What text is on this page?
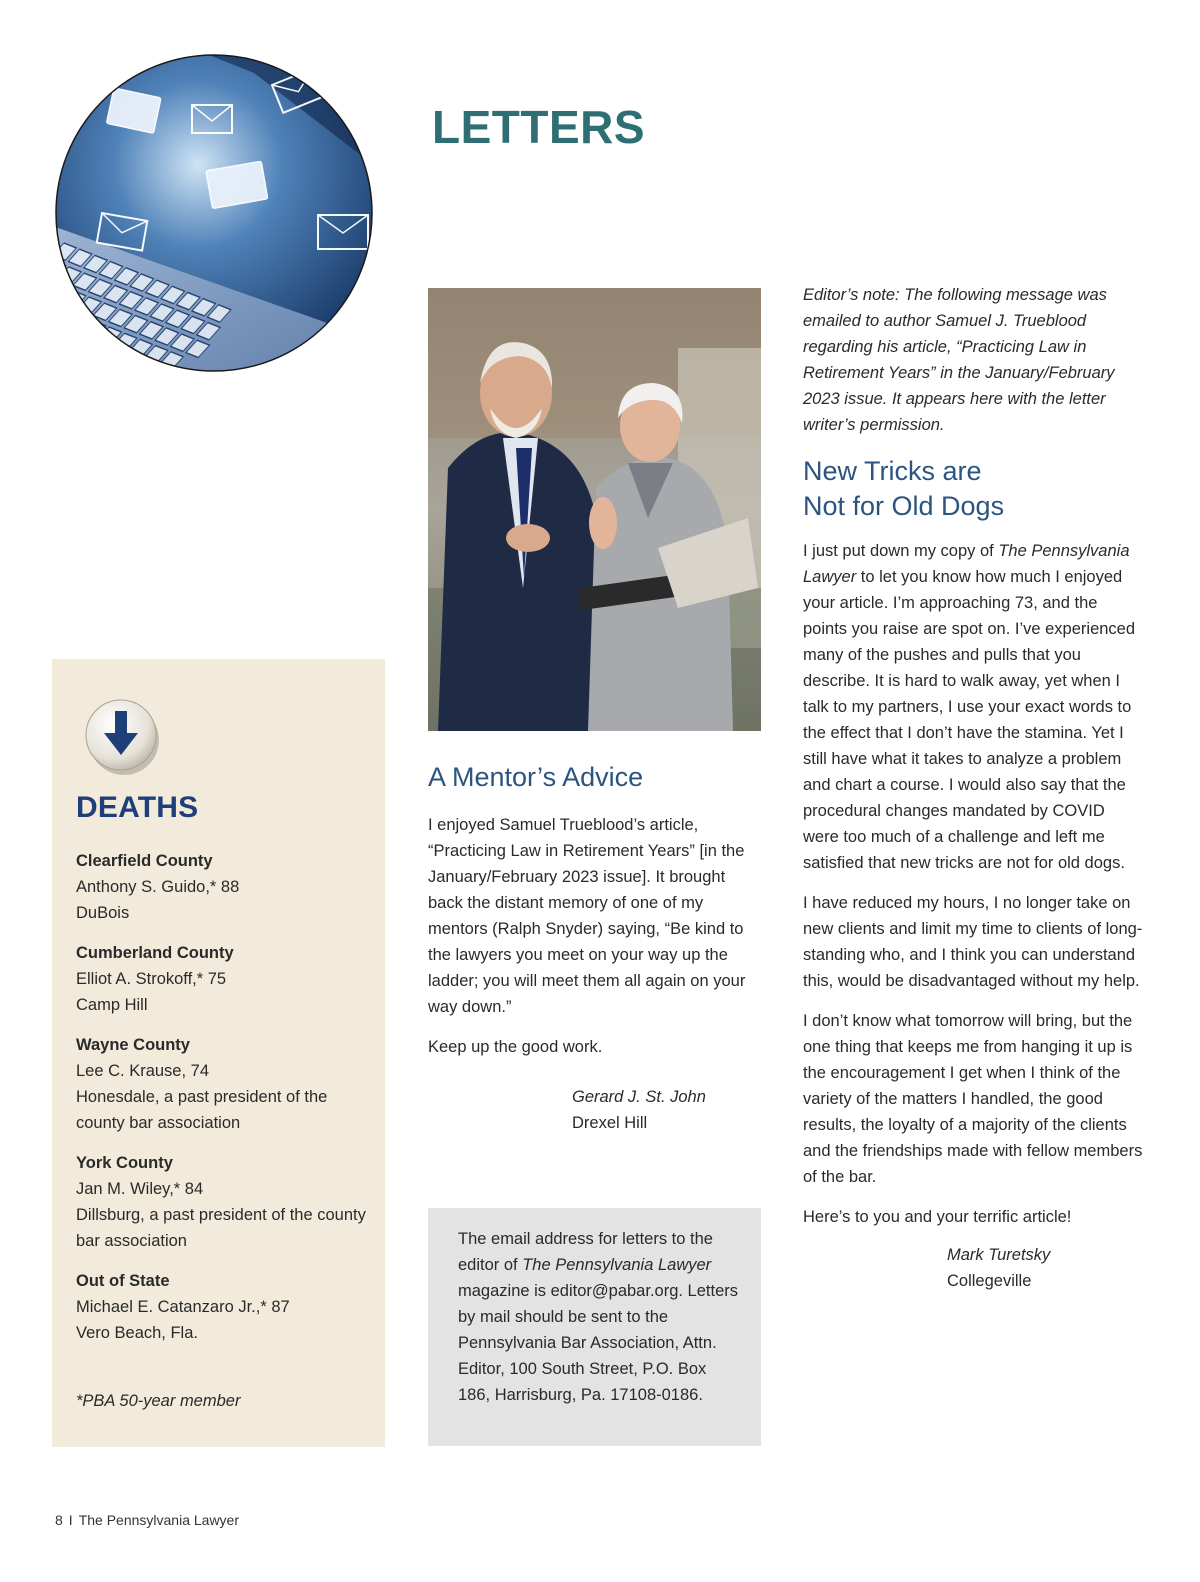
LETTERS
A Mentor’s Advice

I enjoyed Samuel Trueblood’s article, “Practicing Law in Retirement Years” [in the January/February 2023 issue]. It brought back the distant memory of one of my mentors (Ralph Snyder) saying, “Be kind to the lawyers you meet on your way up the ladder; you will meet them all again on your way down.”

Keep up the good work.

Gerard J. St. John
Drexel Hill
The email address for letters to the editor of The Pennsylvania Lawyer magazine is editor@pabar.org. Letters by mail should be sent to the Pennsylvania Bar Association, Attn. Editor, 100 South Street, P.O. Box 186, Harrisburg, Pa. 17108-0186.

Editor’s note: The following message was emailed to author Samuel J. Trueblood regarding his article, “Practicing Law in Retirement Years” in the January/February 2023 issue. It appears here with the letter writer’s permission.

New Tricks are
Not for Old Dogs

I just put down my copy of The Pennsylvania Lawyer to let you know how much I enjoyed your article. I’m approaching 73, and the points you raise are spot on. I’ve experienced many of the pushes and pulls that you describe. It is hard to walk away, yet when I talk to my partners, I use your exact words to the effect that I don’t have the stamina. Yet I still have what it takes to analyze a problem and chart a course. I would also say that the procedural changes mandated by COVID were too much of a challenge and left me satisfied that new tricks are not for old dogs.

I have reduced my hours, I no longer take on new clients and limit my time to clients of long-standing who, and I think you can understand this, would be disadvantaged without my help.

I don’t know what tomorrow will bring, but the one thing that keeps me from hanging it up is the encouragement I get when I think of the variety of the matters I handled, the good results, the loyalty of a majority of the clients and the friendships made with fellow members of the bar.

Here’s to you and your terrific article!

Mark Turetsky
Collegeville
DEATHS
Clearfield County
Anthony S. Guido,* 88
DuBois
Cumberland County
Elliot A. Strokoff,* 75
Camp Hill
Wayne County
Lee C. Krause, 74
Honesdale, a past president of the county bar association
York County
Jan M. Wiley,* 84
Dillsburg, a past president of the county bar association
Out of State
Michael E. Catanzaro Jr.,* 87
Vero Beach, Fla.
*PBA 50-year member
8 I The Pennsylvania Lawyer
